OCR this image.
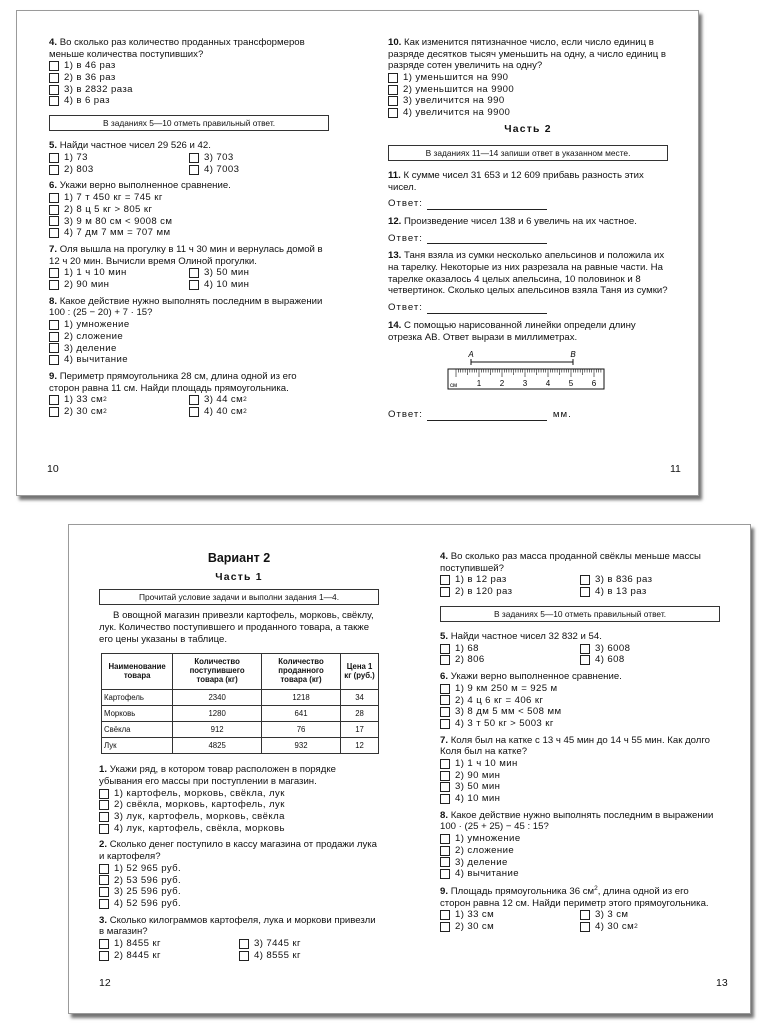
4. Во сколько раз количество проданных трансформеров меньше количества поступивших?
1) в 46 раз
2) в 36 раз
3) в 2832 раза
4) в 6 раз
В заданиях 5—10 отметь правильный ответ.
5. Найди частное чисел 29 526 и 42.
1) 73	3) 703
2) 803	4) 7003
6. Укажи верно выполненное сравнение.
1) 7 т 450 кг = 745 кг
2) 8 ц 5 кг > 805 кг
3) 9 м 80 см < 9008 см
4) 7 дм 7 мм = 707 мм
7. Оля вышла на прогулку в 11 ч 30 мин и вернулась домой в 12 ч 20 мин. Вычисли время Олиной прогулки.
1) 1 ч 10 мин	3) 50 мин
2) 90 мин	4) 10 мин
8. Какое действие нужно выполнять последним в выражении 100 : (25 − 20) + 7 · 15?
1) умножение
2) сложение
3) деление
4) вычитание
9. Периметр прямоугольника 28 см, длина одной из его сторон равна 11 см. Найди площадь прямоугольника.
1) 33 см 2	3) 44 см 2
2) 30 см 2	4) 40 см 2
10
10. Как изменится пятизначное число, если число единиц в разряде десятков тысяч уменьшить на одну, а число единиц в разряде сотен увеличить на одну?
1) уменьшится на 990
2) уменьшится на 9900
3) увеличится на 990
4) увеличится на 9900
Часть 2
В заданиях 11—14 запиши ответ в указанном месте.
11. К сумме чисел 31 653 и 12 609 прибавь разность этих чисел.
Ответ:
12. Произведение чисел 138 и 6 увеличь на их частное.
Ответ:
13. Таня взяла из сумки несколько апельсинов и положила их на тарелку. Некоторые из них разрезала на равные части. На тарелке оказалось 4 целых апельсина, 10 половинок и 8 четвертинок. Сколько целых апельсинов взяла Таня из сумки?
Ответ:
14. С помощью нарисованной линейки определи длину отрезка AB. Ответ вырази в миллиметрах.
A	B
см 1 2 3 4 5 6
Ответ:	мм.
11
Вариант 2
Часть 1
Прочитай условие задачи и выполни задания 1—4.
В овощной магазин привезли картофель, морковь, свёклу, лук. Количество поступившего и проданного товара, а также его цены указаны в таблице.
Наименование товара	Количество поступившего товара (кг)	Количество проданного товара (кг)	Цена 1 кг (руб.)
Картофель	2340	1218	34
Морковь	1280	641	28
Свёкла	912	76	17
Лук	4825	932	12
1. Укажи ряд, в котором товар расположен в порядке убывания его массы при поступлении в магазин.
1) картофель, морковь, свёкла, лук
2) свёкла, морковь, картофель, лук
3) лук, картофель, морковь, свёкла
4) лук, картофель, свёкла, морковь
2. Сколько денег поступило в кассу магазина от продажи лука и картофеля?
1) 52 965 руб.
2) 53 596 руб.
3) 25 596 руб.
4) 52 596 руб.
3. Сколько килограммов картофеля, лука и моркови привезли в магазин?
1) 8455 кг	3) 7445 кг
2) 8445 кг	4) 8555 кг
12
4. Во сколько раз масса проданной свёклы меньше массы поступившей?
1) в 12 раз	3) в 836 раз
2) в 120 раз	4) в 13 раз
В заданиях 5—10 отметь правильный ответ.
5. Найди частное чисел 32 832 и 54.
1) 68	3) 6008
2) 806	4) 608
6. Укажи верно выполненное сравнение.
1) 9 км 250 м = 925 м
2) 4 ц 6 кг = 406 кг
3) 8 дм 5 мм < 508 мм
4) 3 т 50 кг > 5003 кг
7. Коля был на катке с 13 ч 45 мин до 14 ч 55 мин. Как долго Коля был на катке?
1) 1 ч 10 мин
2) 90 мин
3) 50 мин
4) 10 мин
8. Какое действие нужно выполнять последним в выражении 100 · (25 + 25) − 45 : 15?
1) умножение
2) сложение
3) деление
4) вычитание
9. Площадь прямоугольника 36 $см^2$, длина одной из его сторон равна 12 см. Найди периметр этого прямоугольника.
1) 33 см	3) 3 см
2) 30 см	4) 30 см 2
13
